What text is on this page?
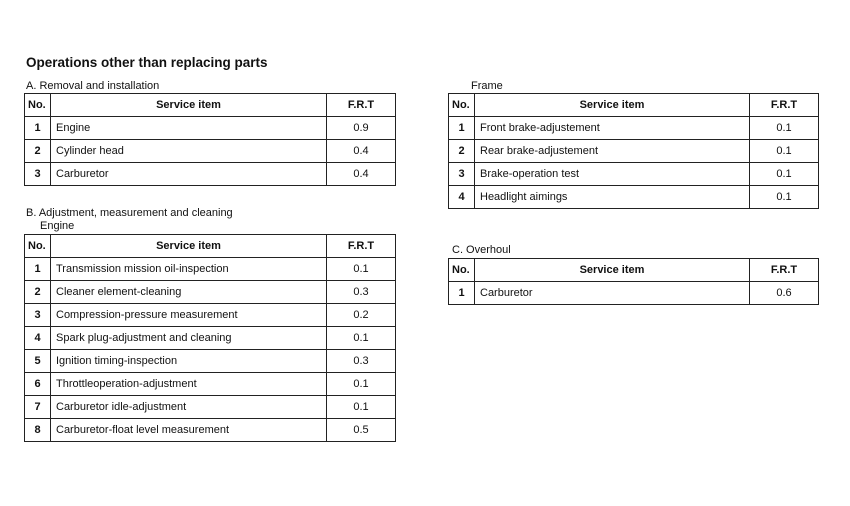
Operations other than replacing parts
A. Removal and installation
No.	Service item	F.R.T
1	Engine	0.9
2	Cylinder head	0.4
3	Carburetor	0.4
B. Adjustment, measurement and cleaning
Engine
No.	Service item	F.R.T
1	Transmission mission oil-inspection	0.1
2	Cleaner element-cleaning	0.3
3	Compression-pressure measurement	0.2
4	Spark plug-adjustment and cleaning	0.1
5	Ignition timing-inspection	0.3
6	Throttleoperation-adjustment	0.1
7	Carburetor idle-adjustment	0.1
8	Carburetor-float level measurement	0.5
Frame
No.	Service item	F.R.T
1	Front brake-adjustement	0.1
2	Rear brake-adjustement	0.1
3	Brake-operation test	0.1
4	Headlight aimings	0.1
C. Overhoul
No.	Service item	F.R.T
1	Carburetor	0.6
